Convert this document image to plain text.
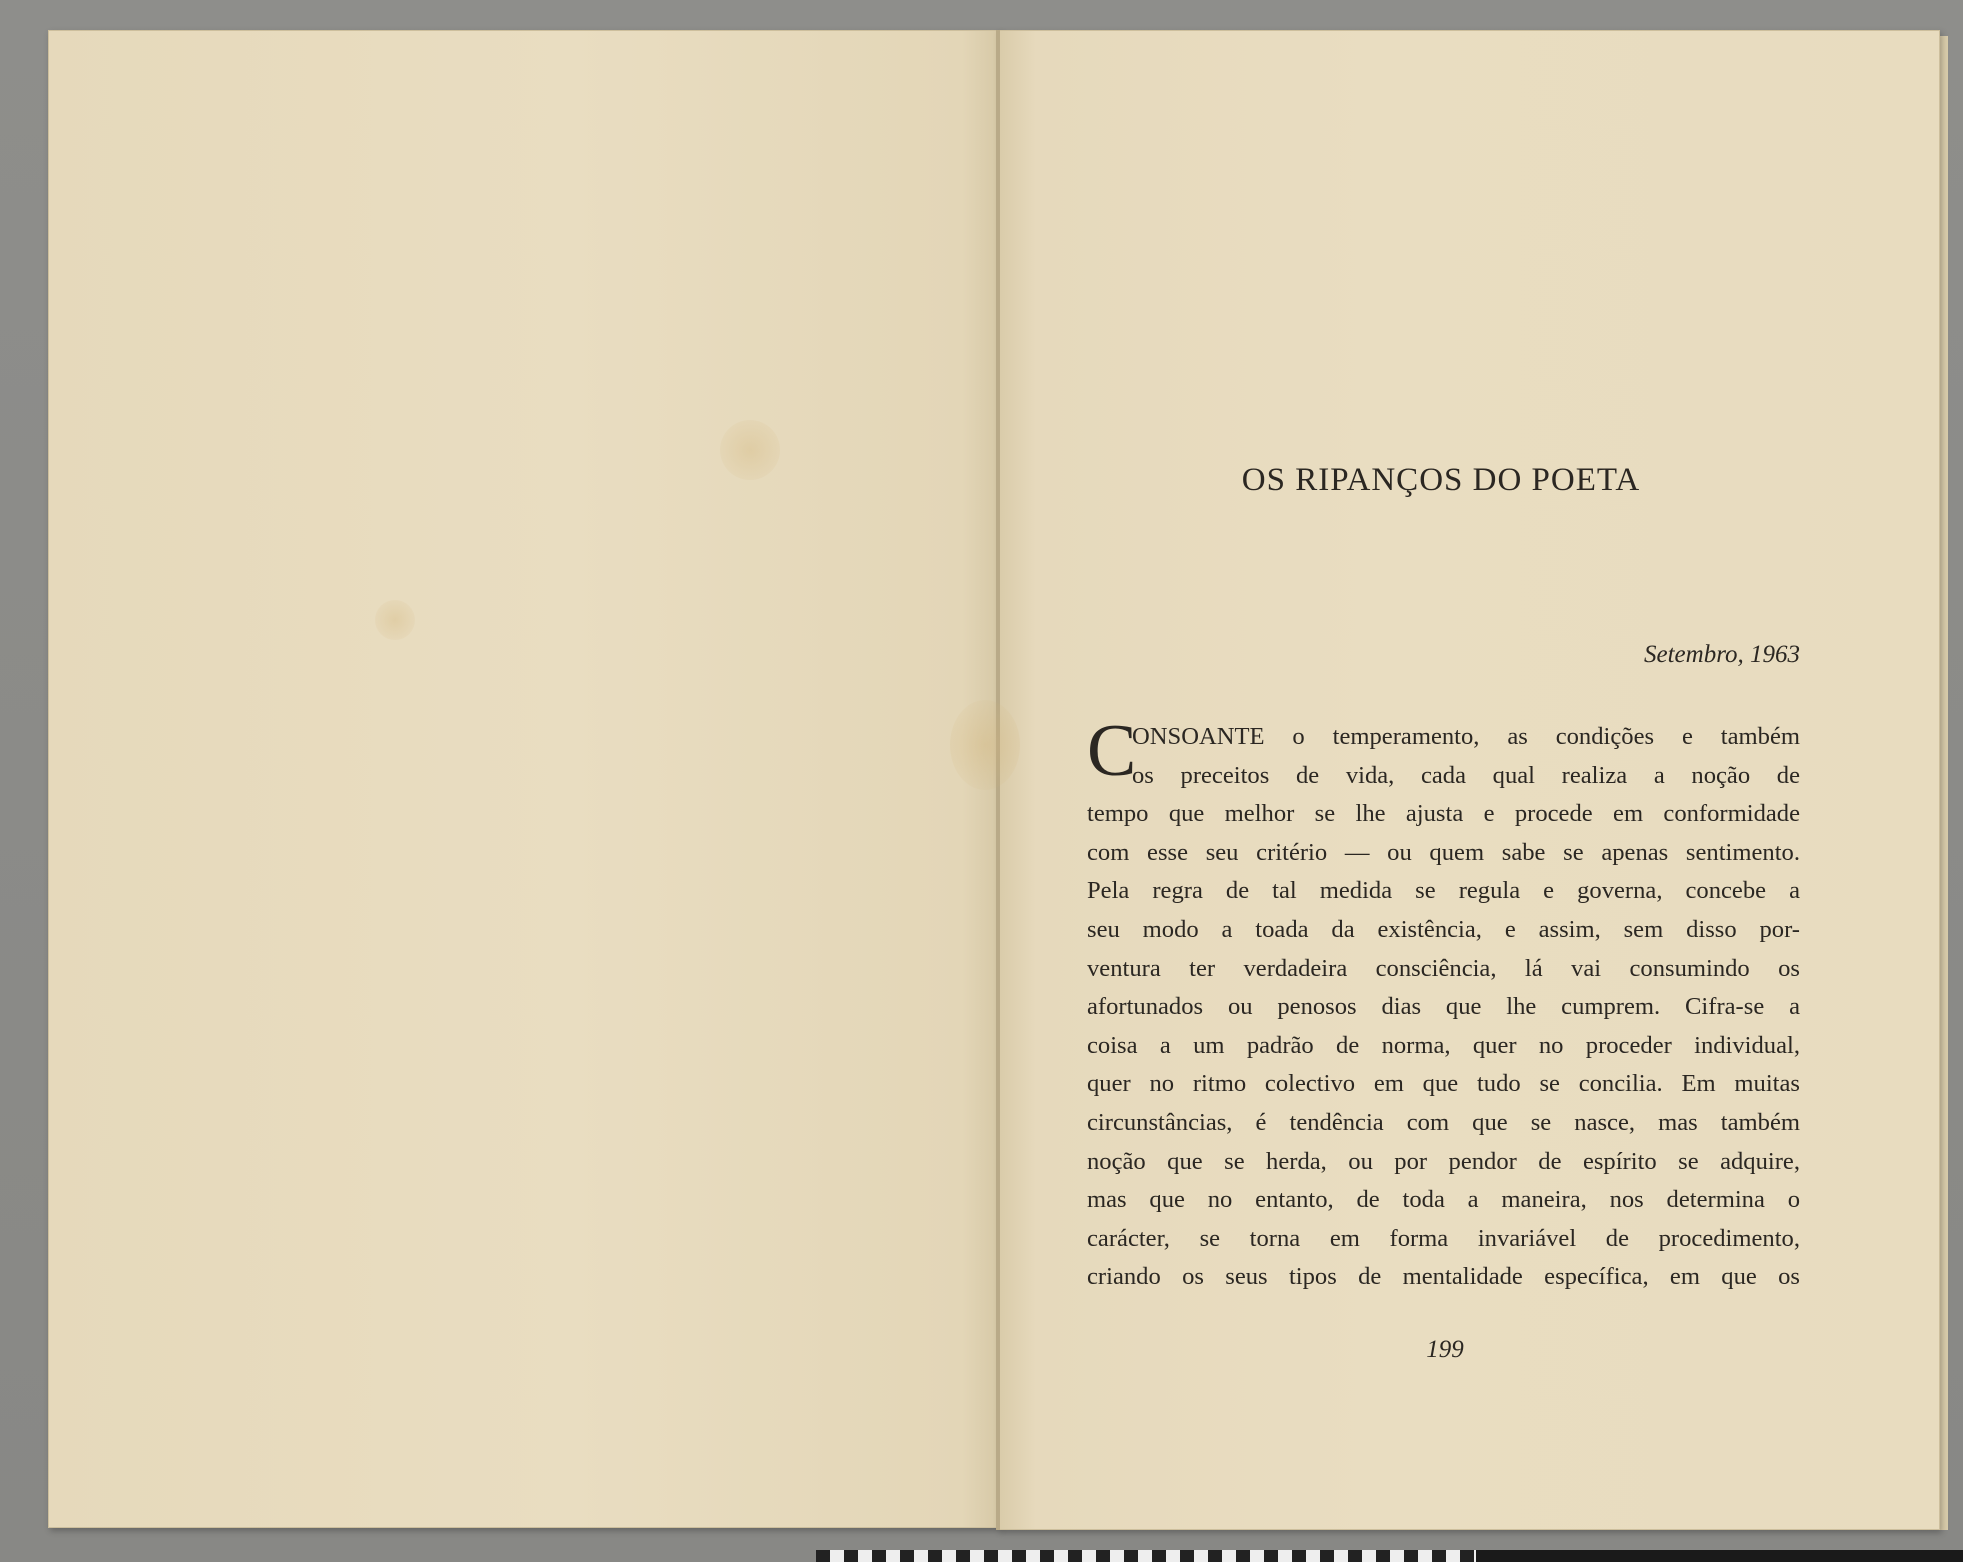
OS RIPANÇOS DO POETA
Setembro, 1963
C
ONSOANTE o temperamento, as condições e também
os preceitos de vida, cada qual realiza a noção de
tempo que melhor se lhe ajusta e procede em conformidade
com esse seu critério — ou quem sabe se apenas sentimento.
Pela regra de tal medida se regula e governa, concebe a
seu modo a toada da existência, e assim, sem disso por-
ventura ter verdadeira consciência, lá vai consumindo os
afortunados ou penosos dias que lhe cumprem. Cifra-se a
coisa a um padrão de norma, quer no proceder individual,
quer no ritmo colectivo em que tudo se concilia. Em muitas
circunstâncias, é tendência com que se nasce, mas também
noção que se herda, ou por pendor de espírito se adquire,
mas que no entanto, de toda a maneira, nos determina o
carácter, se torna em forma invariável de procedimento,
criando os seus tipos de mentalidade específica, em que os
199
